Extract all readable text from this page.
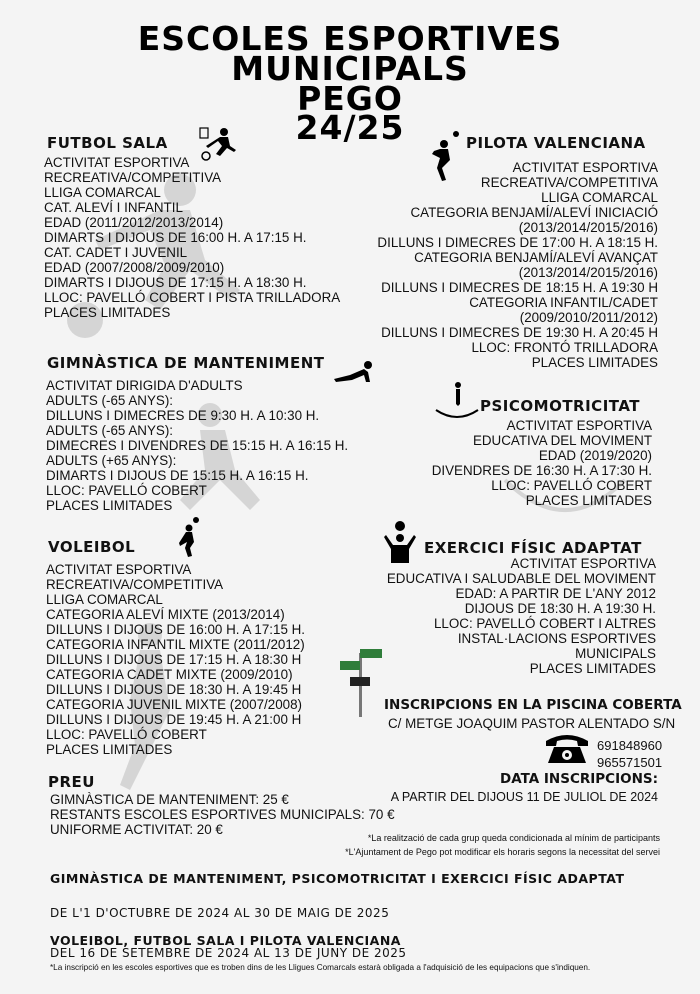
ESCOLES ESPORTIVES
MUNICIPALS
PEGO
24/25
FUTBOL SALA
ACTIVITAT ESPORTIVA
RECREATIVA/COMPETITIVA
LLIGA COMARCAL
CAT. ALEVÍ I INFANTIL
EDAD (2011/2012/2013/2014)
DIMARTS I DIJOUS DE 16:00 H. A 17:15 H.
CAT. CADET I JUVENIL
EDAD (2007/2008/2009/2010)
DIMARTS I DIJOUS DE 17:15 H. A 18:30 H.
LLOC: PAVELLÓ COBERT I PISTA TRILLADORA
PLACES LIMITADES
PILOTA VALENCIANA
ACTIVITAT ESPORTIVA
RECREATIVA/COMPETITIVA
LLIGA COMARCAL
CATEGORIA BENJAMÍ/ALEVÍ INICIACIÓ
(2013/2014/2015/2016)
DILLUNS I DIMECRES DE 17:00 H. A 18:15 H.
CATEGORIA BENJAMÍ/ALEVÍ AVANÇAT
(2013/2014/2015/2016)
DILLUNS I DIMECRES DE 18:15 H. A 19:30 H
CATEGORIA INFANTIL/CADET
(2009/2010/2011/2012)
DILLUNS I DIMECRES DE 19:30 H. A 20:45 H
LLOC: FRONTÓ TRILLADORA
PLACES LIMITADES
GIMNÀSTICA DE MANTENIMENT
ACTIVITAT DIRIGIDA D'ADULTS
ADULTS (-65 ANYS):
DILLUNS I DIMECRES DE 9:30 H. A 10:30 H.
ADULTS (-65 ANYS):
DIMECRES I DIVENDRES DE 15:15 H. A 16:15 H.
ADULTS (+65 ANYS):
DIMARTS I DIJOUS DE 15:15 H. A 16:15 H.
LLOC: PAVELLÓ COBERT
PLACES LIMITADES
PSICOMOTRICITAT
ACTIVITAT ESPORTIVA
EDUCATIVA DEL MOVIMENT
EDAD (2019/2020)
DIVENDRES DE 16:30 H. A 17:30 H.
LLOC: PAVELLÓ COBERT
PLACES LIMITADES
VOLEIBOL
ACTIVITAT ESPORTIVA
RECREATIVA/COMPETITIVA
LLIGA COMARCAL
CATEGORIA ALEVÍ MIXTE (2013/2014)
DILLUNS I DIJOUS DE 16:00 H. A 17:15 H.
CATEGORIA INFANTIL MIXTE (2011/2012)
DILLUNS I DIJOUS DE 17:15 H. A 18:30 H
CATEGORIA CADET MIXTE (2009/2010)
DILLUNS I DIJOUS DE 18:30 H. A 19:45 H
CATEGORIA JUVENIL MIXTE (2007/2008)
DILLUNS I DIJOUS DE 19:45 H. A 21:00 H
LLOC: PAVELLÓ COBERT
PLACES LIMITADES
EXERCICI FÍSIC ADAPTAT
ACTIVITAT ESPORTIVA
EDUCATIVA I SALUDABLE DEL MOVIMENT
EDAD: A PARTIR DE L'ANY 2012
DIJOUS DE 18:30 H. A 19:30 H.
LLOC: PAVELLÓ COBERT I ALTRES
INSTAL·LACIONS ESPORTIVES
MUNICIPALS
PLACES LIMITADES
INSCRIPCIONS EN LA PISCINA COBERTA
C/ METGE JOAQUIM PASTOR ALENTADO S/N
691848960
965571501
DATA INSCRIPCIONS:
A PARTIR DEL DIJOUS 11 DE JULIOL DE 2024
PREU
GIMNÀSTICA DE MANTENIMENT: 25 €
RESTANTS ESCOLES ESPORTIVES MUNICIPALS: 70 €
UNIFORME ACTIVITAT: 20 €
*La realització de cada grup queda condicionada al mínim de participants
*L'Ajuntament de Pego pot modificar els horaris segons la necessitat del servei
GIMNÀSTICA DE MANTENIMENT, PSICOMOTRICITAT I EXERCICI FÍSIC ADAPTAT
DE L'1 D'OCTUBRE DE 2024 AL 30 DE MAIG DE 2025
VOLEIBOL, FUTBOL SALA I PILOTA VALENCIANA
DEL 16 DE SETEMBRE DE 2024 AL 13 DE JUNY DE 2025
*La inscripció en les escoles esportives que es troben dins de les Lligues Comarcals estarà obligada a l'adquisició de les equipacions que s'indiquen.
